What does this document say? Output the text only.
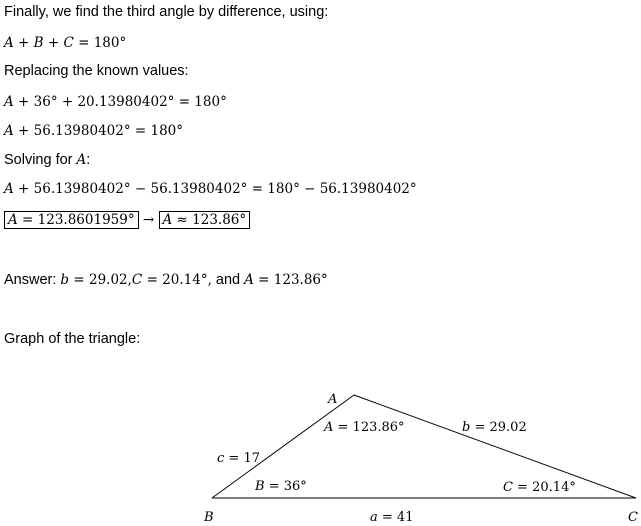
Finally, we find the third angle by difference, using:
A + B + C = 180°
Replacing the known values:
A + 36° + 20.13980402° = 180°
A + 56.13980402° = 180°
Solving for A:
A + 56.13980402° − 56.13980402° = 180° − 56.13980402°
A = 123.8601959° → A ≈ 123.86°
Answer: b = 29.02,C = 20.14°, and A = 123.86°
Graph of the triangle:
A
B	C
A = 123.86°	b = 29.02
c = 17
B = 36°	C = 20.14°
a = 41
